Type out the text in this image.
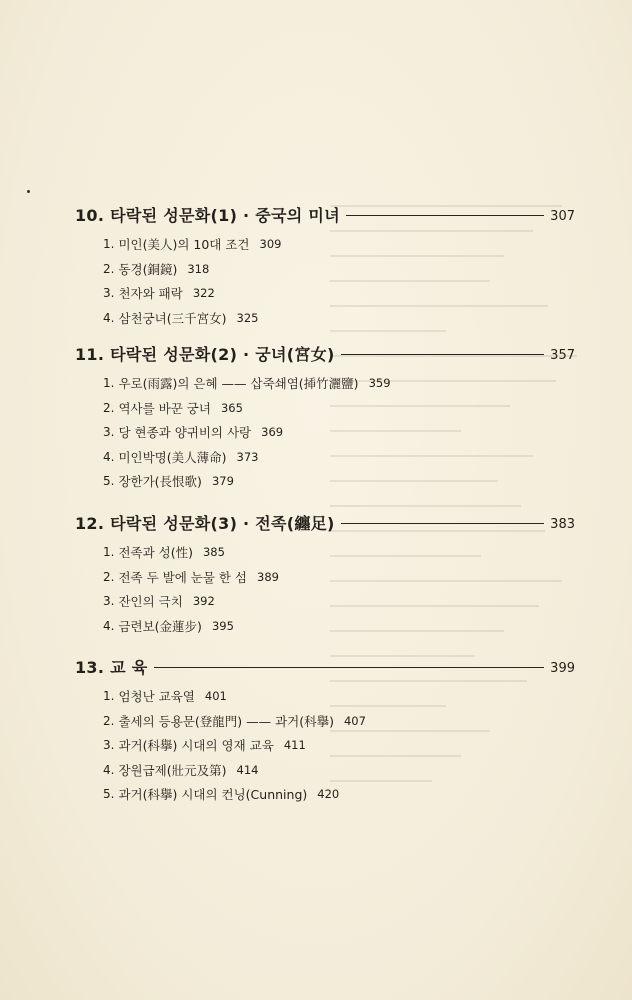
10. 타락된 성문화(1) · 중국의 미녀	307
1. 미인(美人)의 10대 조건 309
2. 동경(銅鏡) 318
3. 천자와 패락 322
4. 삼천궁녀(三千宮女) 325
11. 타락된 성문화(2) · 궁녀(宮女)	357
1. 우로(雨露)의 은혜 —— 삽죽쇄염(揷竹灑鹽) 359
2. 역사를 바꾼 궁녀 365
3. 당 현종과 양귀비의 사랑 369
4. 미인박명(美人薄命) 373
5. 장한가(長恨歌) 379
12. 타락된 성문화(3) · 전족(纏足)	383
1. 전족과 성(性) 385
2. 전족 두 발에 눈물 한 섬 389
3. 잔인의 극치 392
4. 금련보(金蓮步) 395
13. 교 육	399
1. 엄청난 교육열 401
2. 출세의 등용문(登龍門) —— 과거(科擧) 407
3. 과거(科擧) 시대의 영재 교육 411
4. 장원급제(壯元及第) 414
5. 과거(科擧) 시대의 컨닝(Cunning) 420
